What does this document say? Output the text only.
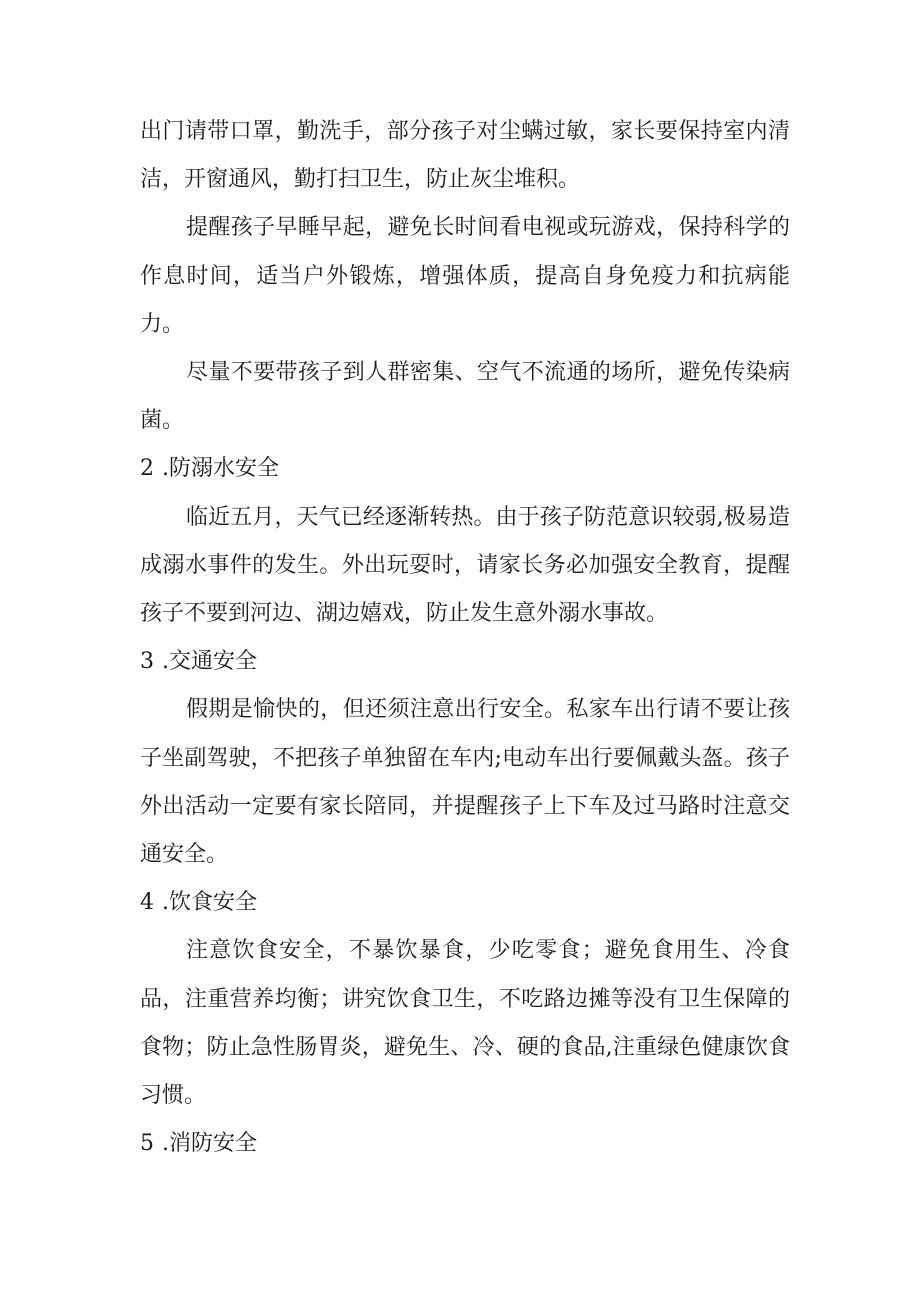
出门请带口罩，勤洗手，部分孩子对尘螨过敏，家长要保持室内清洁，开窗通风，勤打扫卫生，防止灰尘堆积。

提醒孩子早睡早起，避免长时间看电视或玩游戏，保持科学的作息时间，适当户外锻炼，增强体质，提高自身免疫力和抗病能力。

尽量不要带孩子到人群密集、空气不流通的场所，避免传染病菌。

2 .防溺水安全

临近五月，天气已经逐渐转热。由于孩子防范意识较弱,极易造成溺水事件的发生。外出玩耍时，请家长务必加强安全教育，提醒孩子不要到河边、湖边嬉戏，防止发生意外溺水事故。

3 .交通安全

假期是愉快的，但还须注意出行安全。私家车出行请不要让孩子坐副驾驶，不把孩子单独留在车内;电动车出行要佩戴头盔。孩子外出活动一定要有家长陪同，并提醒孩子上下车及过马路时注意交通安全。

4 .饮食安全

注意饮食安全，不暴饮暴食，少吃零食；避免食用生、冷食品，注重营养均衡；讲究饮食卫生，不吃路边摊等没有卫生保障的食物；防止急性肠胃炎，避免生、冷、硬的食品,注重绿色健康饮食习惯。

5 .消防安全
